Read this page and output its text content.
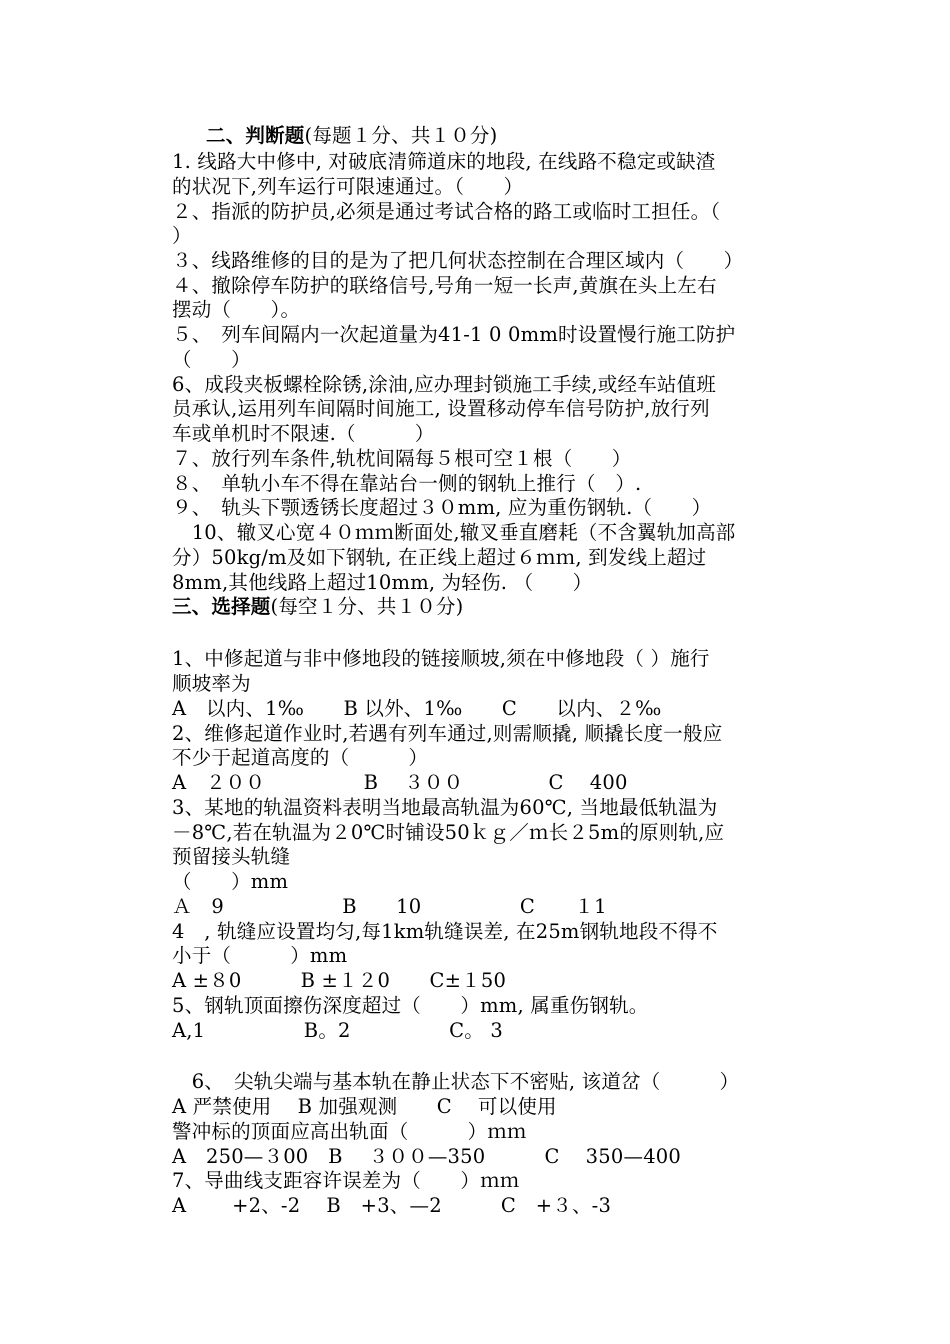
二、判断题(每题１分、共１０分)
1. 线路大中修中, 对破底清筛道床的地段, 在线路不稳定或缺渣
的状况下,列车运行可限速通过。（　　）
２、指派的防护员,必须是通过考试合格的路工或临时工担任。（
）
３、线路维修的目的是为了把几何状态控制在合理区域内（　　）
４、撤除停车防护的联络信号,号角一短一长声,黄旗在头上左右
摆动（　　）。
５、　列车间隔内一次起道量为41-1 0 0mm时设置慢行施工防护
（　　）
6、成段夹板螺栓除锈,涂油,应办理封锁施工手续,或经车站值班
员承认,运用列车间隔时间施工, 设置移动停车信号防护,放行列
车或单机时不限速.（　　　）
７、放行列车条件,轨枕间隔每５根可空１根（　　）
８、　单轨小车不得在靠站台一侧的钢轨上推行（　）.
９、　轨头下颚透锈长度超过３０mm, 应为重伤钢轨.（　　）
　10、辙叉心宽４０ｍｍ断面处,辙叉垂直磨耗（不含翼轨加高部
分）50kg/m及如下钢轨, 在正线上超过６ｍｍ, 到发线上超过
8mm,其他线路上超过10mm, 为轻伤. （　　）
三、选择题(每空１分、共１０分)
1、中修起道与非中修地段的链接顺坡,须在中修地段（ ）施行
顺坡率为
A　以内、1‰　　B 以外、1‰　　C　　以内、２‰
2、维修起道作业时,若遇有列车通过,则需顺撬, 顺撬长度一般应
不少于起道高度的（　　　）
A　２００　　　　　B　 ３００　　　　 C　 400
3、某地的轨温资料表明当地最高轨温为60℃, 当地最低轨温为
－8℃,若在轨温为２0℃时铺设50ｋｇ／ｍ长２5m的原则轨,应
预留接头轨缝
（　　）mm
Ａ　9　　　　　　B　　10　　　　　C　　１1
4　, 轨缝应设置均匀,每1km轨缝误差, 在25m钢轨地段不得不
小于（　　　）mm
A ±８0　　　B ±１２0　　C±１50
5、钢轨顶面擦伤深度超过（　　）mm, 属重伤钢轨。
A,1　　　　　B。2　　　　　C。 3
　6、　尖轨尖端与基本轨在静止状态下不密贴, 该道岔（　　　）
A 严禁使用　 B 加强观测　　C　 可以使用
警冲标的顶面应高出轨面（　　　）ｍｍ
A　250—３00　B　 ３００—350　　　C　 350—400
7、导曲线支距容许误差为（　　）ｍｍ
A　　 +2、-2　 B　+3、—2　　　C　+３、-3
